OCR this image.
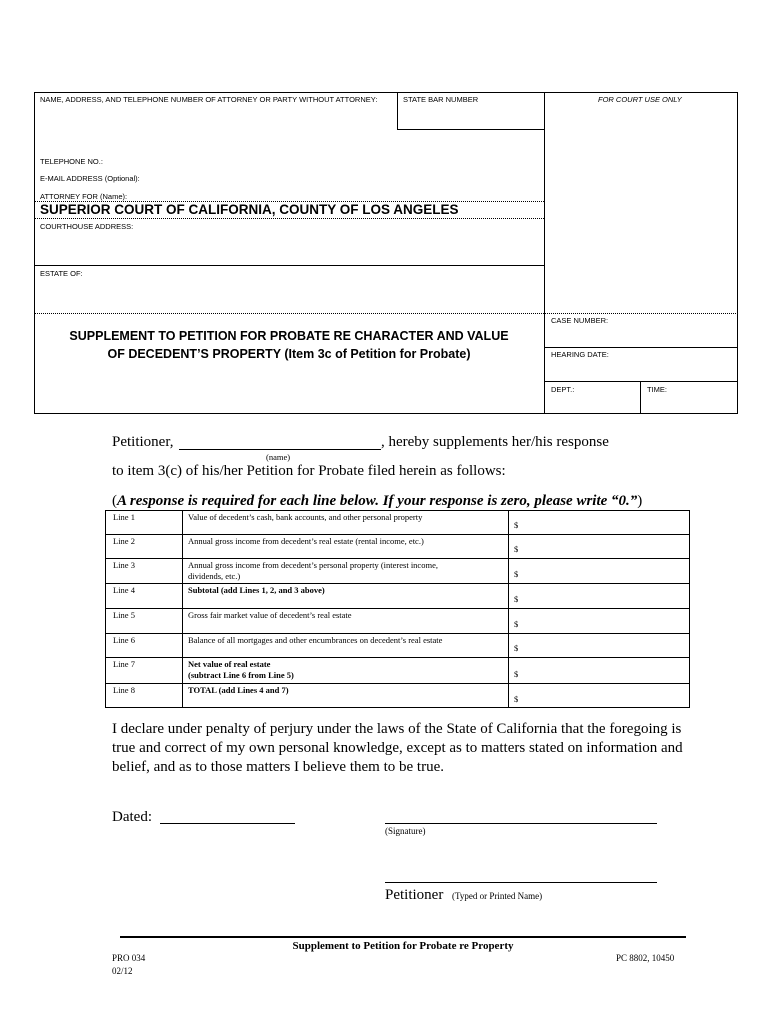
NAME, ADDRESS, AND TELEPHONE NUMBER OF ATTORNEY OR PARTY WITHOUT ATTORNEY:	STATE BAR NUMBER	FOR COURT USE ONLY
TELEPHONE NO.:
E-MAIL ADDRESS (Optional):
ATTORNEY FOR (Name):
SUPERIOR COURT OF CALIFORNIA, COUNTY OF LOS ANGELES
COURTHOUSE ADDRESS:
ESTATE OF:
CASE NUMBER:
HEARING DATE:
DEPT.:	TIME:
SUPPLEMENT TO PETITION FOR PROBATE RE CHARACTER AND VALUE
OF DECEDENT’S PROPERTY (Item 3c of Petition for Probate)
Petitioner,	, hereby supplements her/his response
(name)
to item 3(c) of his/her Petition for Probate filed herein as follows:
(A response is required for each line below. If your response is zero, please write “0.”)
Line 1	Value of decedent’s cash, bank accounts, and other personal property
$
Line 2	Annual gross income from decedent’s real estate (rental income, etc.)
$
Line 3	Annual gross income from decedent’s personal property (interest income,
dividends, etc.)	$
Line 4	Subtotal (add Lines 1, 2, and 3 above)
$
Line 5	Gross fair market value of decedent’s real estate
$
Line 6	Balance of all mortgages and other encumbrances on decedent’s real estate
$
Line 7	Net value of real estate
(subtract Line 6 from Line 5)	$
Line 8	TOTAL (add Lines 4 and 7)
$
I declare under penalty of perjury under the laws of the State of California that the foregoing is
true and correct of my own personal knowledge, except as to matters stated on information and
belief, and as to those matters I believe them to be true.
Dated:
(Signature)
Petitioner (Typed or Printed Name)
Supplement to Petition for Probate re Property
PRO 034
02/12
PC 8802, 10450
